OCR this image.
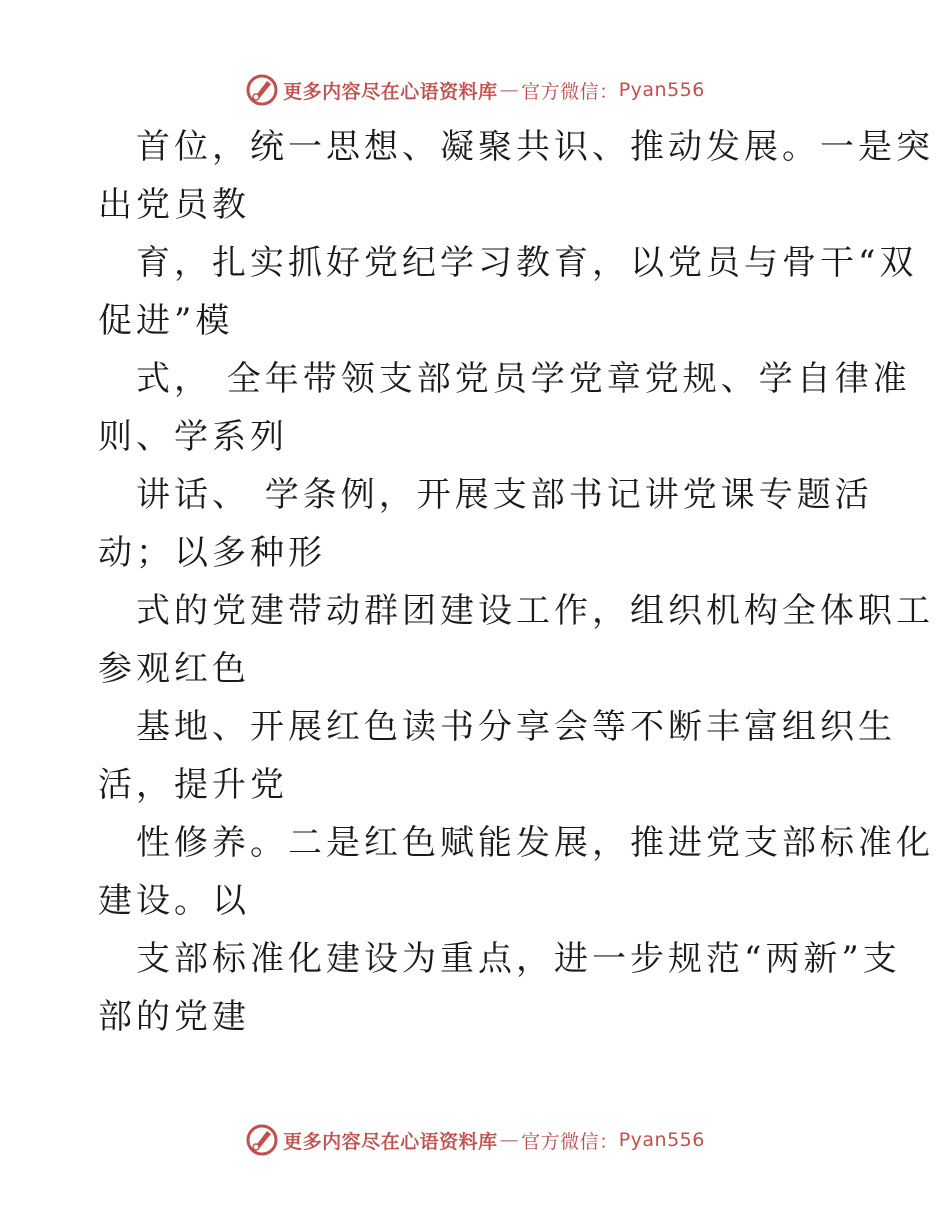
更多内容尽在心语资料库 — 官方微信： Pyan556
首位，统一思想、凝聚共识、推动发展。一是突
出党员教
育，扎实抓好党纪学习教育，以党员与骨干“双
促进”模
式， 全年带领支部党员学党章党规、学自律准
则、学系列
讲话、 学条例，开展支部书记讲党课专题活
动；以多种形
式的党建带动群团建设工作，组织机构全体职工
参观红色
基地、开展红色读书分享会等不断丰富组织生
活，提升党
性修养。二是红色赋能发展，推进党支部标准化
建设。以
支部标准化建设为重点，进一步规范“两新”支
部的党建
更多内容尽在心语资料库 — 官方微信： Pyan556
